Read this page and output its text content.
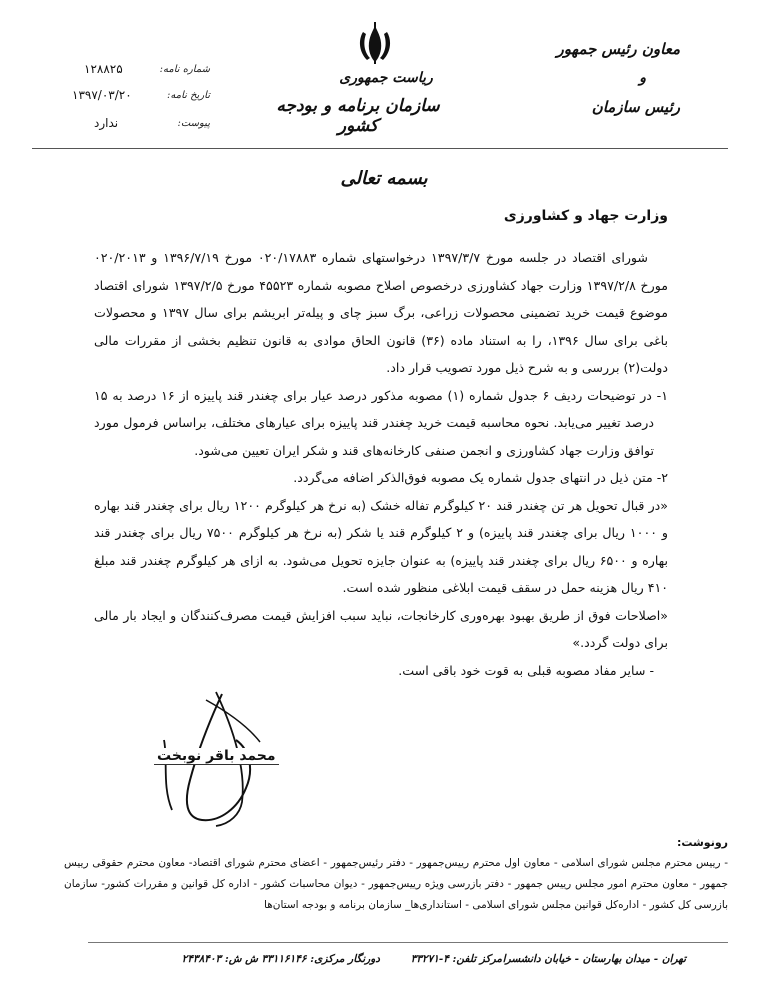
معاون رئیس جمهور
و
رئیس سازمان
ریاست جمهوری
سازمان برنامه و بودجه کشور
شماره نامه:
۱۲۸۸۲۵
تاریخ نامه:
۱۳۹۷/۰۳/۲۰
پیوست:
ندارد
بسمه تعالی
وزارت جهاد و کشاورزی

شورای اقتصاد در جلسه مورخ ۱۳۹۷/۳/۷ درخواستهای شماره ۰۲۰/۱۷۸۸۳ مورخ ۱۳۹۶/۷/۱۹ و ۰۲۰/۲۰۱۳ مورخ ۱۳۹۷/۲/۸ وزارت جهاد کشاورزی درخصوص اصلاح مصوبه شماره ۴۵۵۲۳ مورخ ۱۳۹۷/۲/۵ شورای اقتصاد موضوع قیمت خرید تضمینی محصولات زراعی، برگ سبز چای و پیله‌تر ابریشم برای سال ۱۳۹۷ و محصولات باغی برای سال ۱۳۹۶، را به استناد ماده (۳۶) قانون الحاق موادی به قانون تنظیم بخشی از مقررات مالی دولت(۲) بررسی و به شرح ذیل مورد تصویب قرار داد.

۱- در توضیحات ردیف ۶ جدول شماره (۱) مصوبه مذکور درصد عیار برای چغندر قند پاییزه از ۱۶ درصد به ۱۵ درصد تغییر می‌یابد. نحوه محاسبه قیمت خرید چغندر قند پاییزه برای عیارهای مختلف، براساس فرمول مورد توافق وزارت جهاد کشاورزی و انجمن صنفی کارخانه‌های قند و شکر ایران تعیین می‌شود.

۲- متن ذیل در انتهای جدول شماره یک مصوبه فوق‌الذکر اضافه می‌گردد.

«در قبال تحویل هر تن چغندر قند ۲۰ کیلوگرم تفاله خشک (به نرخ هر کیلوگرم ۱۲۰۰ ریال برای چغندر قند بهاره و ۱۰۰۰ ریال برای چغندر قند پاییزه) و ۲ کیلوگرم قند یا شکر (به نرخ هر کیلوگرم ۷۵۰۰ ریال برای چغندر قند بهاره و ۶۵۰۰ ریال برای چغندر قند پاییزه) به عنوان جایزه تحویل می‌شود. به ازای هر کیلوگرم چغندر قند مبلغ ۴۱۰ ریال هزینه حمل در سقف قیمت ابلاغی منظور شده است.

«اصلاحات فوق از طریق بهبود بهره‌وری کارخانجات، نباید سبب افزایش قیمت مصرف‌کنندگان و ایجاد بار مالی برای دولت گردد.»

- سایر مفاد مصوبه قبلی به قوت خود باقی است.

محمد باقر نوبخت
رونوشت:
- رییس محترم مجلس شورای اسلامی - معاون اول محترم رییس‌جمهور - دفتر رئیس‌جمهور - اعضای محترم شورای اقتصاد- معاون محترم حقوقی رییس جمهور - معاون محترم امور مجلس رییس جمهور - دفتر بازرسی ویژه رییس‌جمهور - دیوان محاسبات کشور - اداره کل قوانین و مقررات کشور- سازمان بازرسی کل کشور - اداره‌کل قوانین مجلس شورای اسلامی - استانداری‌ها_ سازمان برنامه و بودجه استان‌ها
تهران - میدان بهارستان - خیابان دانشسرا
مرکز تلفن: ۴-۳۳۲۷۱
دورنگار مرکزی: ۳۳۱۱۶۱۴۶
ش ش: ۲۴۳۸۴۰۳
